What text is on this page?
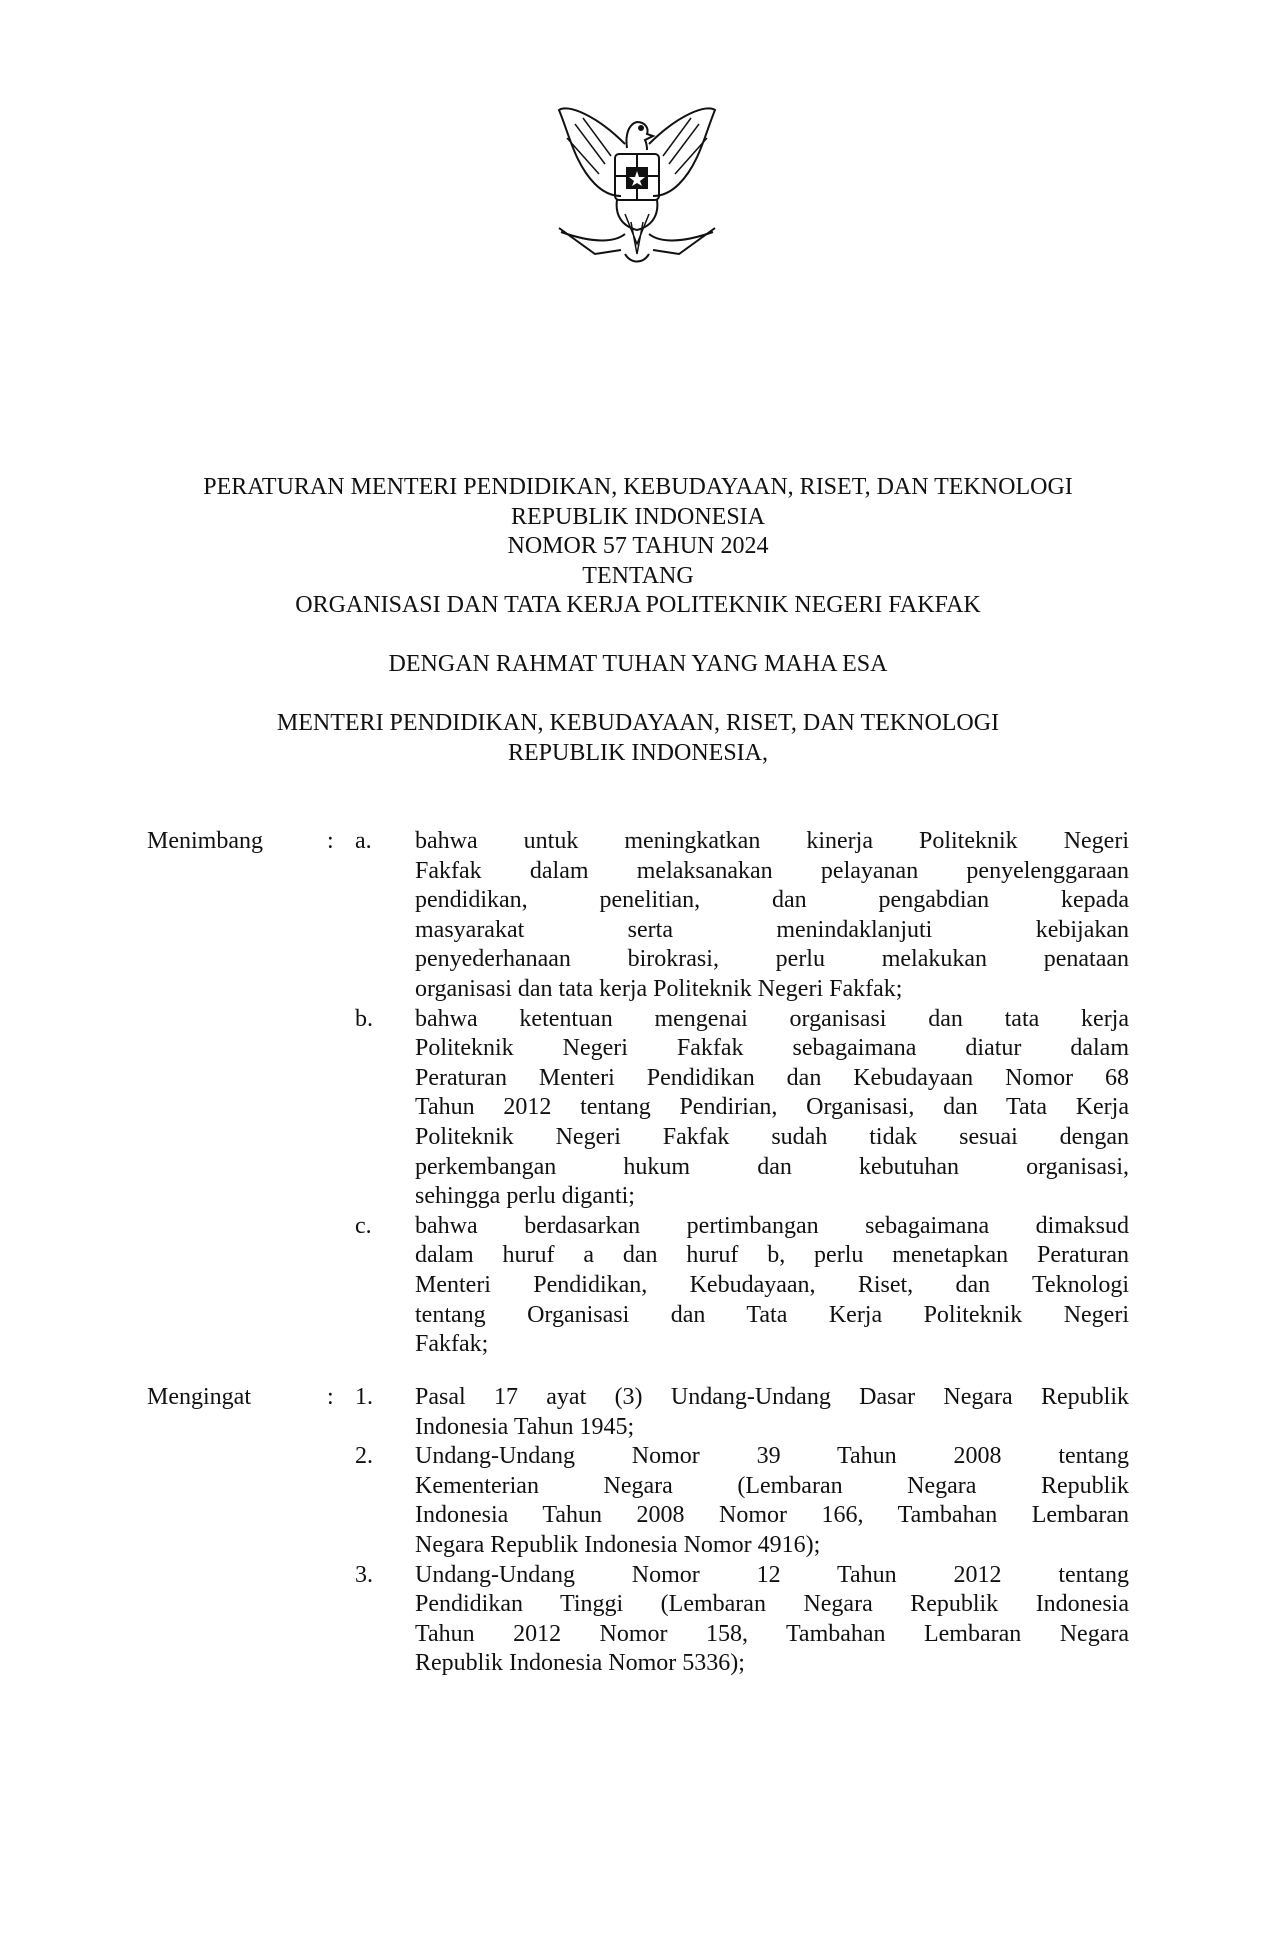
PERATURAN MENTERI PENDIDIKAN, KEBUDAYAAN, RISET, DAN TEKNOLOGI
REPUBLIK INDONESIA
NOMOR 57 TAHUN 2024
TENTANG
ORGANISASI DAN TATA KERJA POLITEKNIK NEGERI FAKFAK
DENGAN RAHMAT TUHAN YANG MAHA ESA
MENTERI PENDIDIKAN, KEBUDAYAAN, RISET, DAN TEKNOLOGI
REPUBLIK INDONESIA,
Menimbang	: a. bahwa untuk meningkatkan kinerja Politeknik Negeri
Fakfak dalam melaksanakan pelayanan penyelenggaraan
pendidikan, penelitian, dan pengabdian kepada
masyarakat serta menindaklanjuti kebijakan
penyederhanaan birokrasi, perlu melakukan penataan
organisasi dan tata kerja Politeknik Negeri Fakfak;
b. bahwa ketentuan mengenai organisasi dan tata kerja
Politeknik Negeri Fakfak sebagaimana diatur dalam
Peraturan Menteri Pendidikan dan Kebudayaan Nomor 68
Tahun 2012 tentang Pendirian, Organisasi, dan Tata Kerja
Politeknik Negeri Fakfak sudah tidak sesuai dengan
perkembangan hukum dan kebutuhan organisasi,
sehingga perlu diganti;
c. bahwa berdasarkan pertimbangan sebagaimana dimaksud
dalam huruf a dan huruf b, perlu menetapkan Peraturan
Menteri Pendidikan, Kebudayaan, Riset, dan Teknologi
tentang Organisasi dan Tata Kerja Politeknik Negeri
Fakfak;
Mengingat	: 1. Pasal 17 ayat (3) Undang-Undang Dasar Negara Republik
Indonesia Tahun 1945;
2. Undang-Undang Nomor 39 Tahun 2008 tentang
Kementerian Negara (Lembaran Negara Republik
Indonesia Tahun 2008 Nomor 166, Tambahan Lembaran
Negara Republik Indonesia Nomor 4916);
3. Undang-Undang Nomor 12 Tahun 2012 tentang
Pendidikan Tinggi (Lembaran Negara Republik Indonesia
Tahun 2012 Nomor 158, Tambahan Lembaran Negara
Republik Indonesia Nomor 5336);
